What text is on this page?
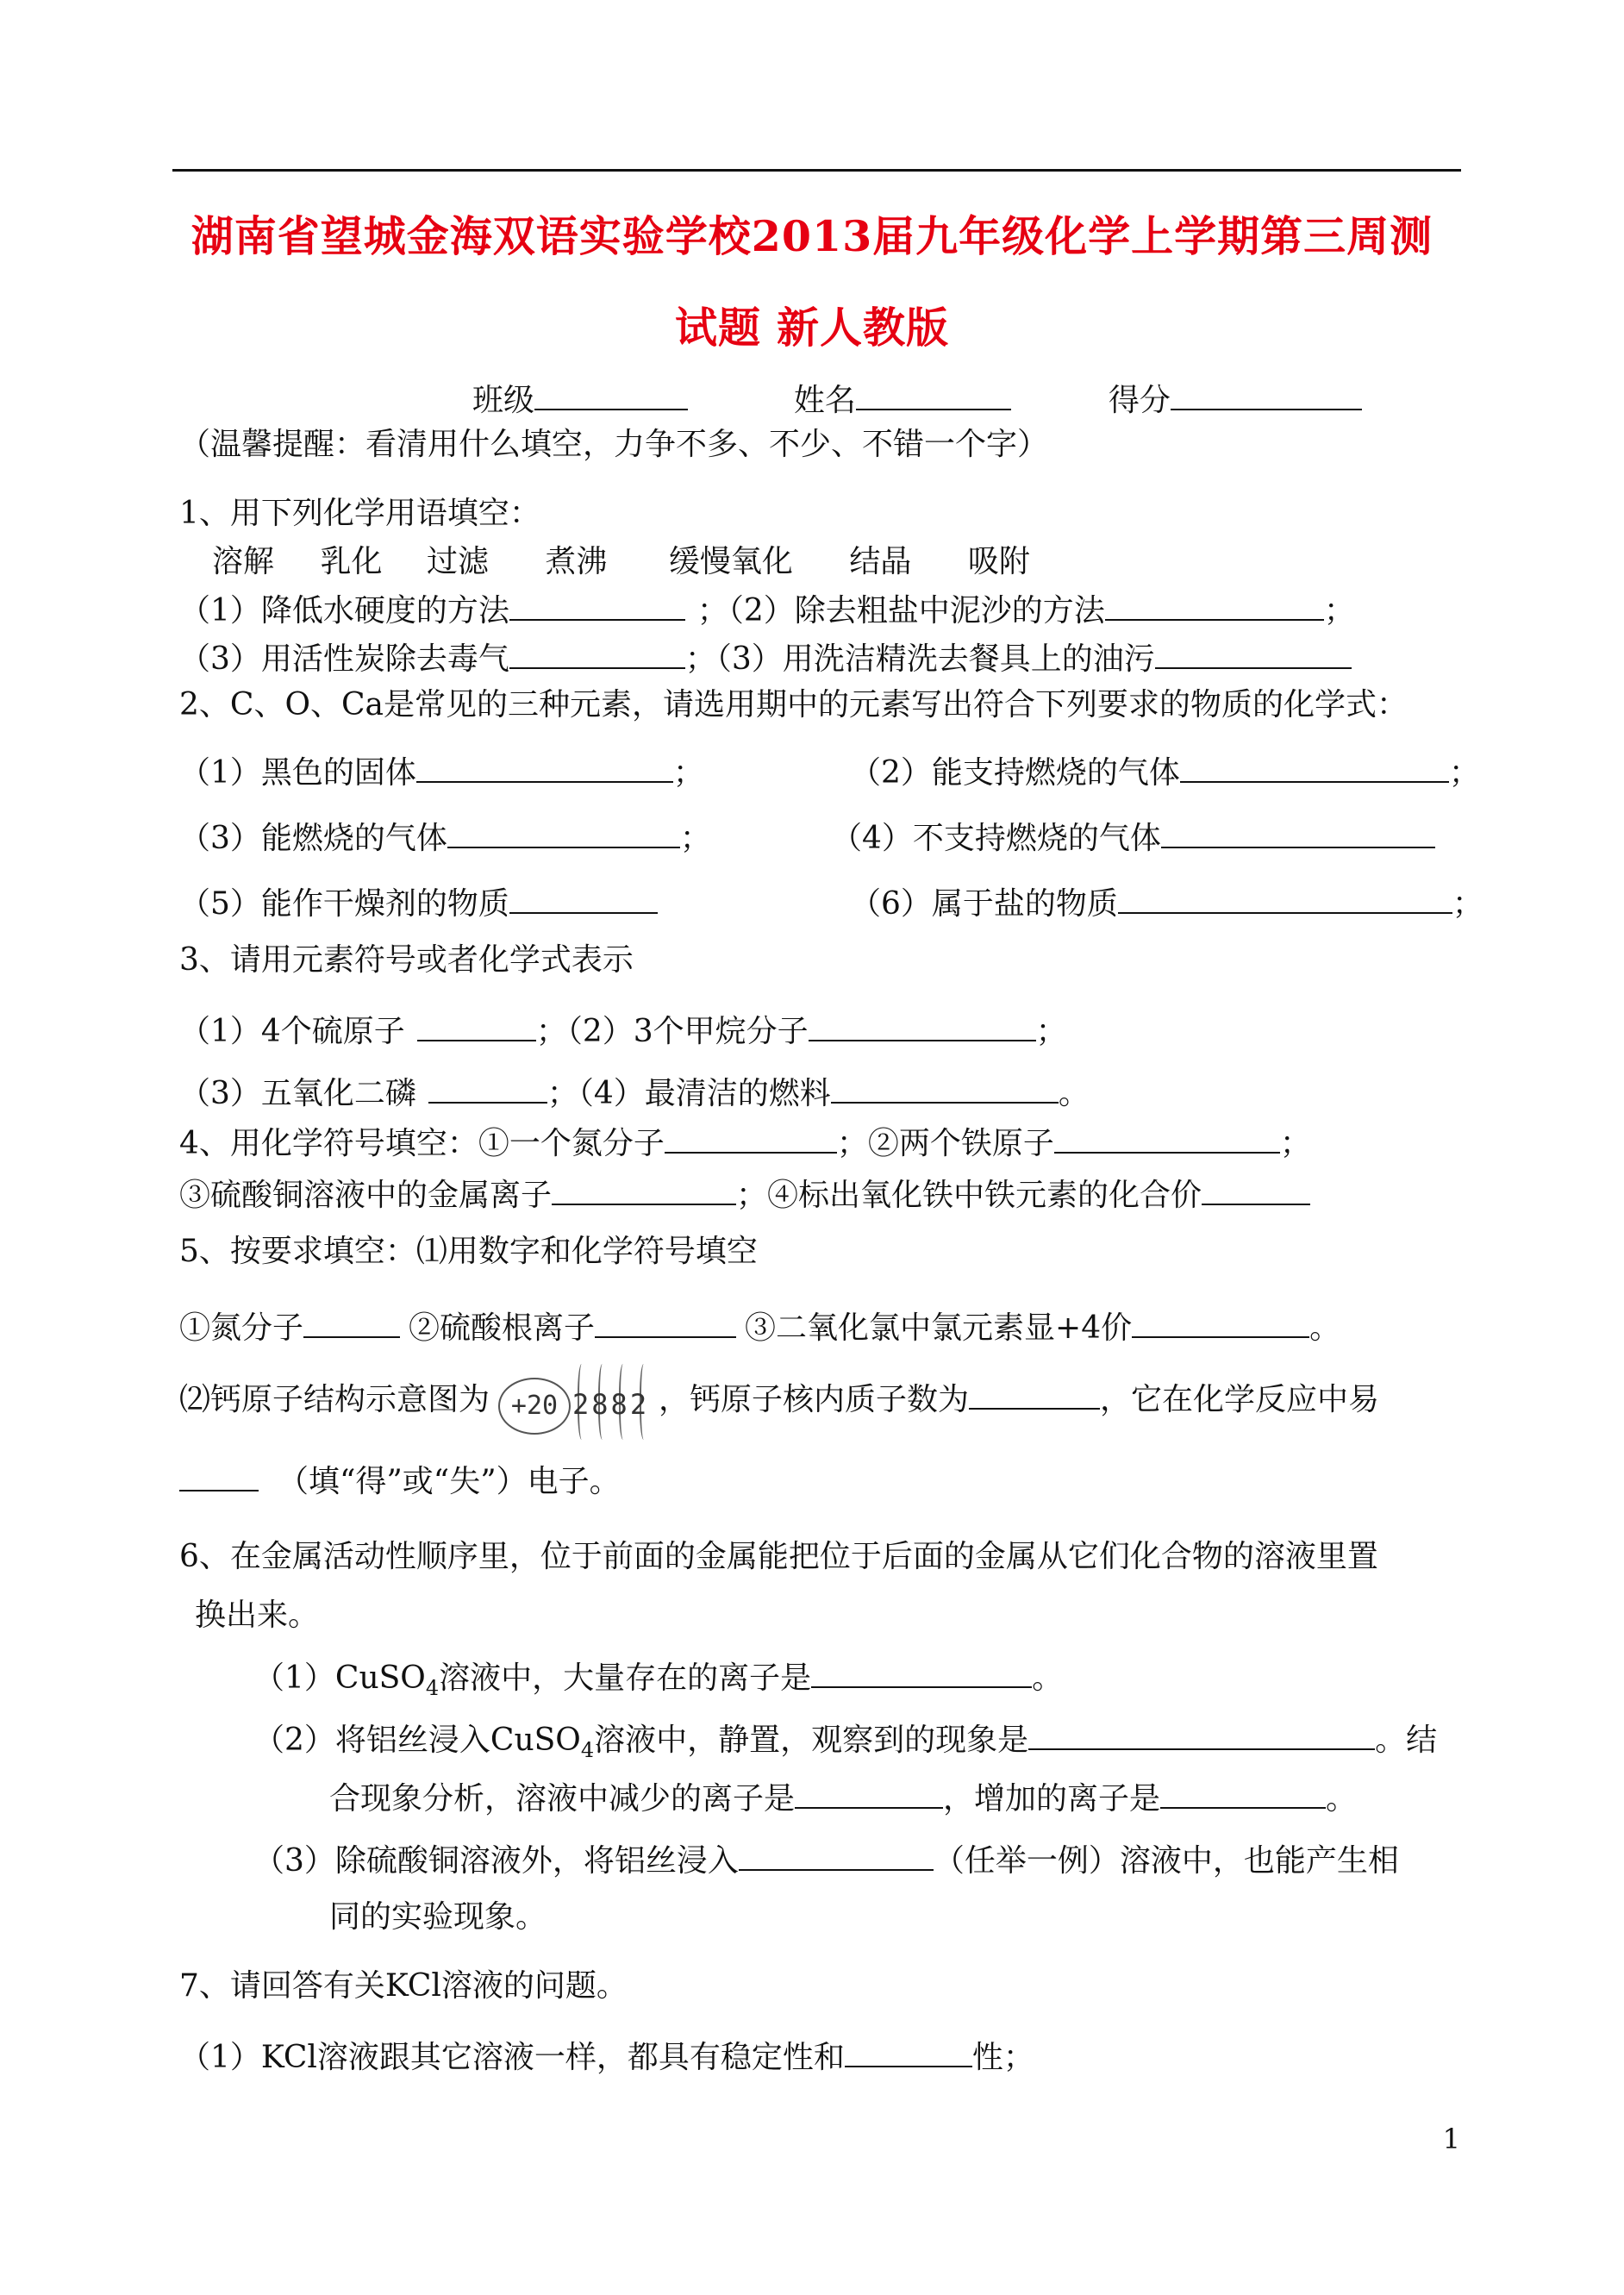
湖南省望城金海双语实验学校2013届九年级化学上学期第三周测
试题 新人教版
班级	姓名	得分
（温馨提醒：看清用什么填空，力争不多、不少、不错一个字）
1、用下列化学用语填空：
溶解 乳化 过滤 煮沸 缓慢氧化 结晶 吸附
（1）降低水硬度的方法	；（2）除去粗盐中泥沙的方法	；
（3）用活性炭除去毒气	；（3）用洗洁精洗去餐具上的油污
2、C、O、Ca是常见的三种元素，请选用期中的元素写出符合下列要求的物质的化学式：
（1）黑色的固体	；	（2）能支持燃烧的气体	；
（3）能燃烧的气体	；	（4）不支持燃烧的气体
（5）能作干燥剂的物质	（6）属于盐的物质	；
3、请用元素符号或者化学式表示
（1）4个硫原子	；（2）3个甲烷分子	；
（3）五氧化二磷	；（4）最清洁的燃料	。
4、用化学符号填空：①一个氮分子	；②两个铁原子	；
③硫酸铜溶液中的金属离子	；④标出氧化铁中铁元素的化合价
5、按要求填空：⑴用数字和化学符号填空
①氮分子	②硫酸根离子	③二氧化氯中氯元素显+4价	。
⑵钙原子结构示意图为 +20 2882 ，钙原子核内质子数为	，它在化学反应中易
（填“得”或“失”）电子。
6、在金属活动性顺序里，位于前面的金属能把位于后面的金属从它们化合物的溶液里置
换出来。
（1）CuSO$_4$溶液中，大量存在的离子是	。
（2）将铝丝浸入CuSO$_4$溶液中，静置，观察到的现象是	。结
合现象分析，溶液中减少的离子是	，增加的离子是	。
（3）除硫酸铜溶液外，将铝丝浸入	（任举一例）溶液中，也能产生相
同的实验现象。
7、请回答有关KCl溶液的问题。
（1）KCl溶液跟其它溶液一样，都具有稳定性和	性；
1
